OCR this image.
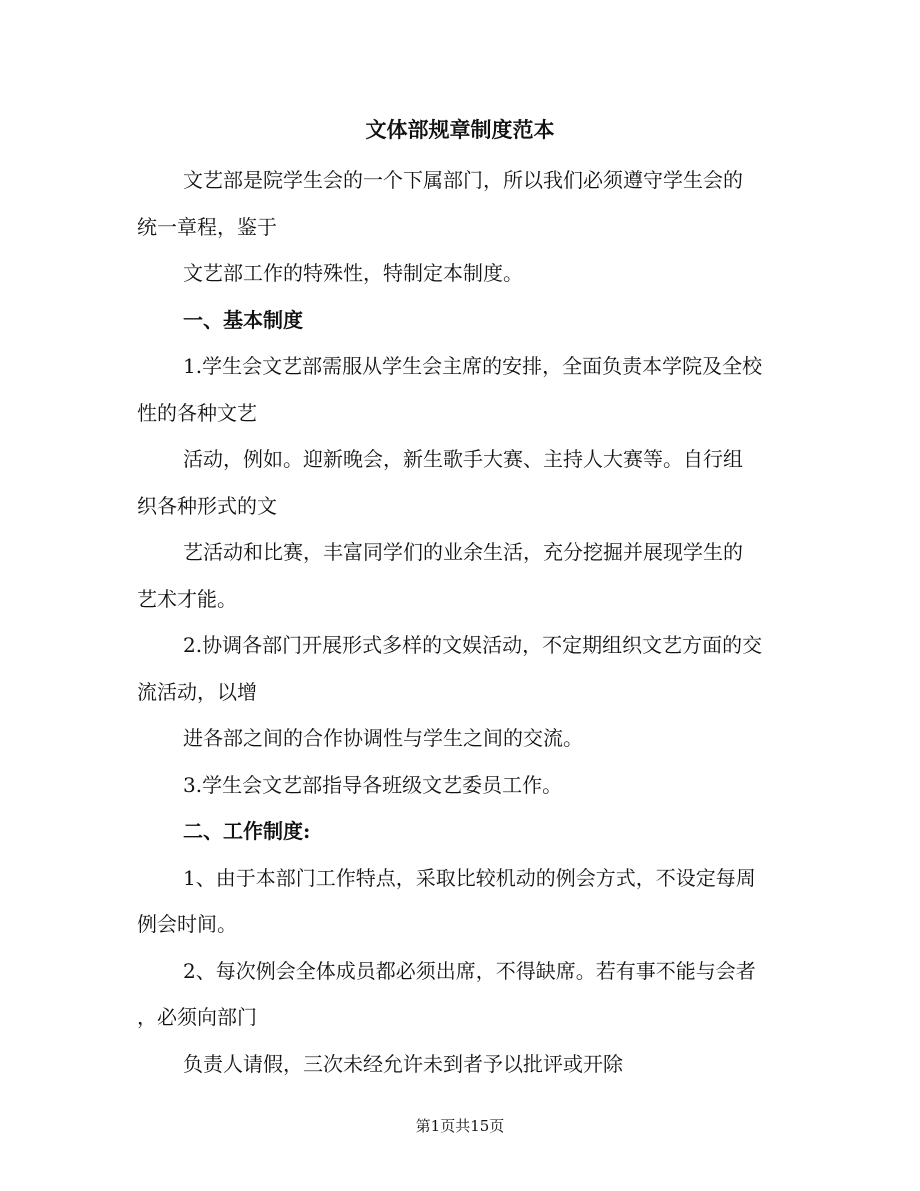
文体部规章制度范本
文艺部是院学生会的一个下属部门，所以我们必须遵守学生会的
统一章程，鉴于
文艺部工作的特殊性，特制定本制度。
一、基本制度
1.学生会文艺部需服从学生会主席的安排，全面负责本学院及全校
性的各种文艺
活动，例如。迎新晚会，新生歌手大赛、主持人大赛等。自行组
织各种形式的文
艺活动和比赛，丰富同学们的业余生活，充分挖掘并展现学生的
艺术才能。
2.协调各部门开展形式多样的文娱活动，不定期组织文艺方面的交
流活动，以增
进各部之间的合作协调性与学生之间的交流。
3.学生会文艺部指导各班级文艺委员工作。
二、工作制度:
1、由于本部门工作特点，采取比较机动的例会方式，不设定每周
例会时间。
2、每次例会全体成员都必须出席，不得缺席。若有事不能与会者
，必须向部门
负责人请假，三次未经允许未到者予以批评或开除
第1页共15页
